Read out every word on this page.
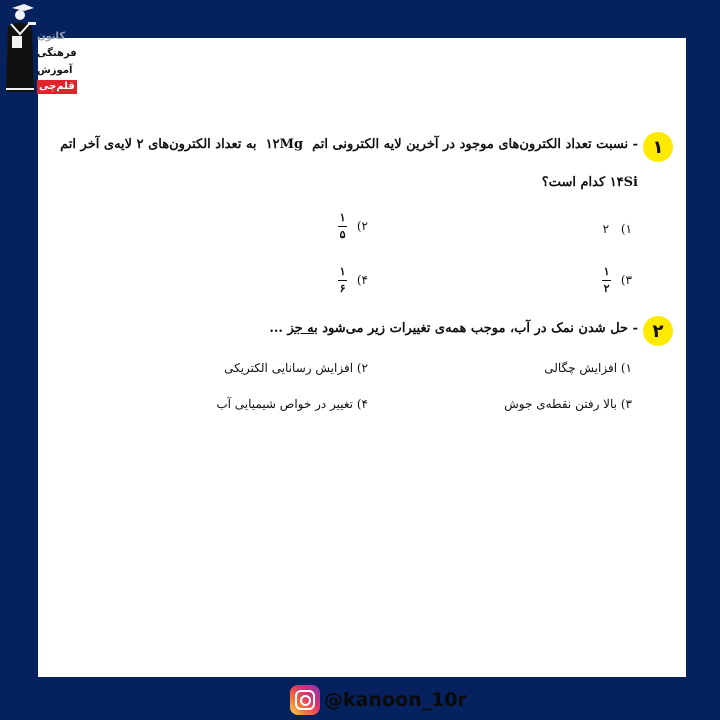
کانون
فرهنگی
آموزش
قلم‌چی
۱
- نسبت تعداد الکترون‌های موجود در آخرین لایه الکترونی اتم ‎ ۱۲Mg ‎ به تعداد الکترون‌های ۲ لایه‌ی آخر اتم
۱۴Si کدام است؟
۱) ۲
۲)
$\frac{۱}{۵}$
۳)
$\frac{۱}{۲}$
۴)
$\frac{۱}{۶}$
۲
- حل شدن نمک در آب، موجب همه‌ی تغییرات زیر می‌شود به جز ...
۱) افزایش چگالی
۲) افزایش رسانایی الکتریکی
۳) بالا رفتن نقطه‌ی جوش
۴) تغییر در خواص شیمیایی آب
@kanoon_10r
